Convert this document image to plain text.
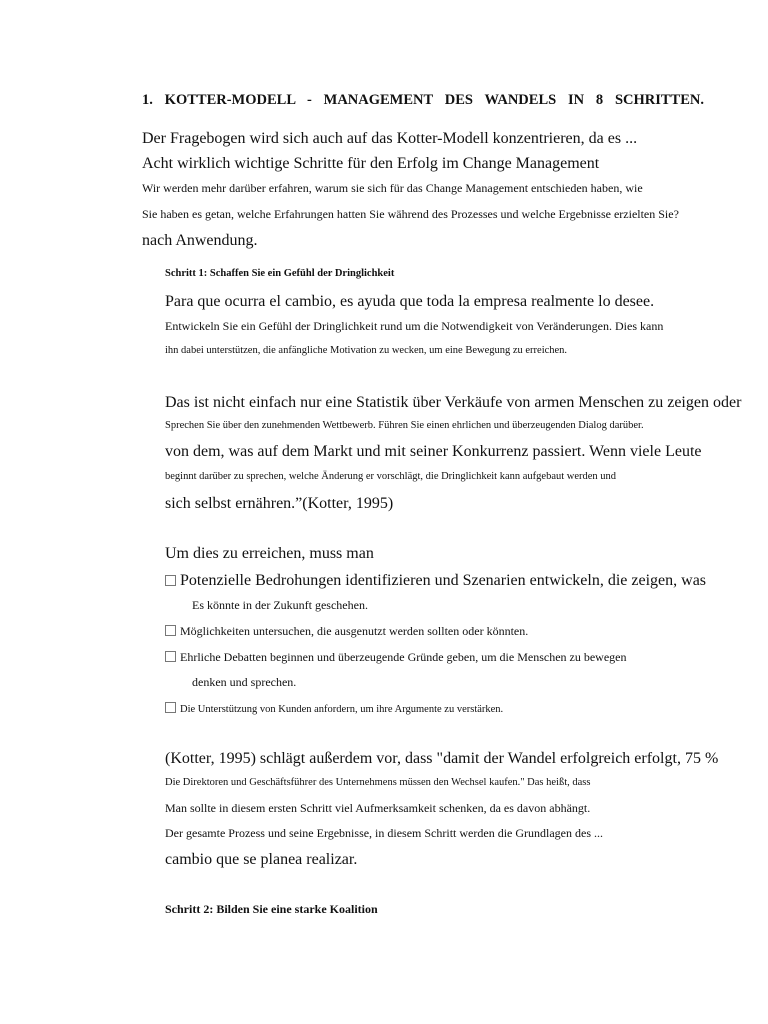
1. KOTTER-MODELL - MANAGEMENT DES WANDELS IN 8 SCHRITTEN.
Der Fragebogen wird sich auch auf das Kotter-Modell konzentrieren, da es ...
Acht wirklich wichtige Schritte für den Erfolg im Change Management
Wir werden mehr darüber erfahren, warum sie sich für das Change Management entschieden haben, wie
Sie haben es getan, welche Erfahrungen hatten Sie während des Prozesses und welche Ergebnisse erzielten Sie?
nach Anwendung.
Schritt 1: Schaffen Sie ein Gefühl der Dringlichkeit
Para que ocurra el cambio, es ayuda que toda la empresa realmente lo desee.
Entwickeln Sie ein Gefühl der Dringlichkeit rund um die Notwendigkeit von Veränderungen. Dies kann
ihn dabei unterstützen, die anfängliche Motivation zu wecken, um eine Bewegung zu erreichen.
Das ist nicht einfach nur eine Statistik über Verkäufe von armen Menschen zu zeigen oder
Sprechen Sie über den zunehmenden Wettbewerb. Führen Sie einen ehrlichen und überzeugenden Dialog darüber.
von dem, was auf dem Markt und mit seiner Konkurrenz passiert. Wenn viele Leute
beginnt darüber zu sprechen, welche Änderung er vorschlägt, die Dringlichkeit kann aufgebaut werden und
sich selbst ernähren.”(Kotter, 1995)
Um dies zu erreichen, muss man
Potenzielle Bedrohungen identifizieren und Szenarien entwickeln, die zeigen, was
Es könnte in der Zukunft geschehen.
Möglichkeiten untersuchen, die ausgenutzt werden sollten oder könnten.
Ehrliche Debatten beginnen und überzeugende Gründe geben, um die Menschen zu bewegen
denken und sprechen.
Die Unterstützung von Kunden anfordern, um ihre Argumente zu verstärken.
(Kotter, 1995) schlägt außerdem vor, dass "damit der Wandel erfolgreich erfolgt, 75 %
Die Direktoren und Geschäftsführer des Unternehmens müssen den Wechsel kaufen." Das heißt, dass
Man sollte in diesem ersten Schritt viel Aufmerksamkeit schenken, da es davon abhängt.
Der gesamte Prozess und seine Ergebnisse, in diesem Schritt werden die Grundlagen des ...
cambio que se planea realizar.
Schritt 2: Bilden Sie eine starke Koalition
